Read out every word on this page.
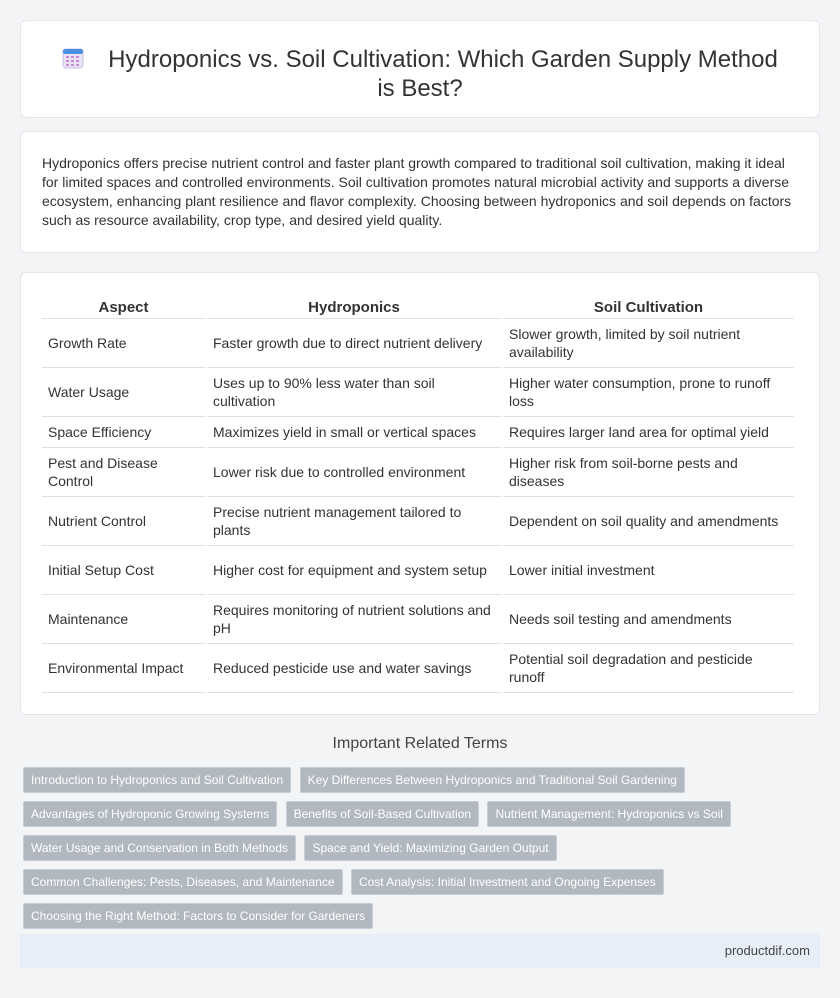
Hydroponics vs. Soil Cultivation: Which Garden Supply Method is Best?

Hydroponics offers precise nutrient control and faster plant growth compared to traditional soil cultivation, making it ideal for limited spaces and controlled environments. Soil cultivation promotes natural microbial activity and supports a diverse ecosystem, enhancing plant resilience and flavor complexity. Choosing between hydroponics and soil depends on factors such as resource availability, crop type, and desired yield quality.

Aspect	Hydroponics	Soil Cultivation
Growth Rate	Faster growth due to direct nutrient delivery	Slower growth, limited by soil nutrient availability
Water Usage	Uses up to 90% less water than soil cultivation	Higher water consumption, prone to runoff loss
Space Efficiency	Maximizes yield in small or vertical spaces	Requires larger land area for optimal yield
Pest and Disease Control	Lower risk due to controlled environment	Higher risk from soil-borne pests and diseases
Nutrient Control	Precise nutrient management tailored to plants	Dependent on soil quality and amendments
Initial Setup Cost	Higher cost for equipment and system setup	Lower initial investment
Maintenance	Requires monitoring of nutrient solutions and pH	Needs soil testing and amendments
Environmental Impact	Reduced pesticide use and water savings	Potential soil degradation and pesticide runoff
Important Related Terms
Introduction to Hydroponics and Soil Cultivation Key Differences Between Hydroponics and Traditional Soil Gardening Advantages of Hydroponic Growing Systems Benefits of Soil-Based Cultivation Nutrient Management: Hydroponics vs Soil Water Usage and Conservation in Both Methods Space and Yield: Maximizing Garden Output Common Challenges: Pests, Diseases, and Maintenance Cost Analysis: Initial Investment and Ongoing Expenses Choosing the Right Method: Factors to Consider for Gardeners
productdif.com
